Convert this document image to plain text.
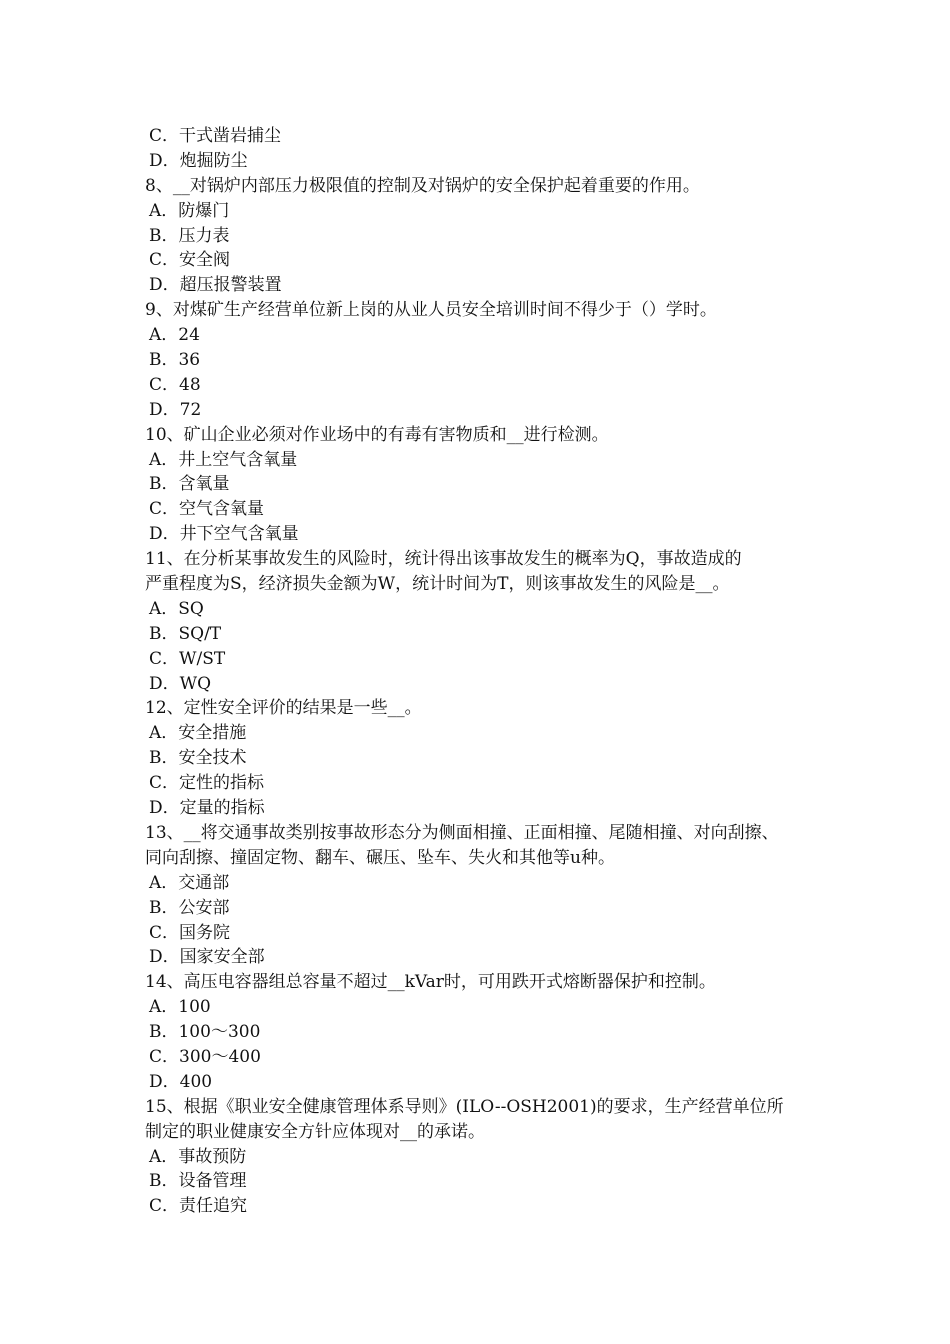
C．干式凿岩捕尘
D．炮掘防尘
8、__对锅炉内部压力极限值的控制及对锅炉的安全保护起着重要的作用。
A．防爆门
B．压力表
C．安全阀
D．超压报警装置
9、对煤矿生产经营单位新上岗的从业人员安全培训时间不得少于（）学时。
A．24
B．36
C．48
D．72
10、矿山企业必须对作业场中的有毒有害物质和__进行检测。
A．井上空气含氧量
B．含氧量
C．空气含氧量
D．井下空气含氧量
11、在分析某事故发生的风险时，统计得出该事故发生的概率为Q，事故造成的
严重程度为S，经济损失金额为W，统计时间为T，则该事故发生的风险是__。
A．SQ
B．SQ/T
C．W/ST
D．WQ
12、定性安全评价的结果是一些__。
A．安全措施
B．安全技术
C．定性的指标
D．定量的指标
13、__将交通事故类别按事故形态分为侧面相撞、正面相撞、尾随相撞、对向刮擦、
同向刮擦、撞固定物、翻车、碾压、坠车、失火和其他等u种。
A．交通部
B．公安部
C．国务院
D．国家安全部
14、高压电容器组总容量不超过__kVar时，可用跌开式熔断器保护和控制。
A．100
B．100～300
C．300～400
D．400
15、根据《职业安全健康管理体系导则》(ILO--OSH2001)的要求，生产经营单位所
制定的职业健康安全方针应体现对__的承诺。
A．事故预防
B．设备管理
C．责任追究
